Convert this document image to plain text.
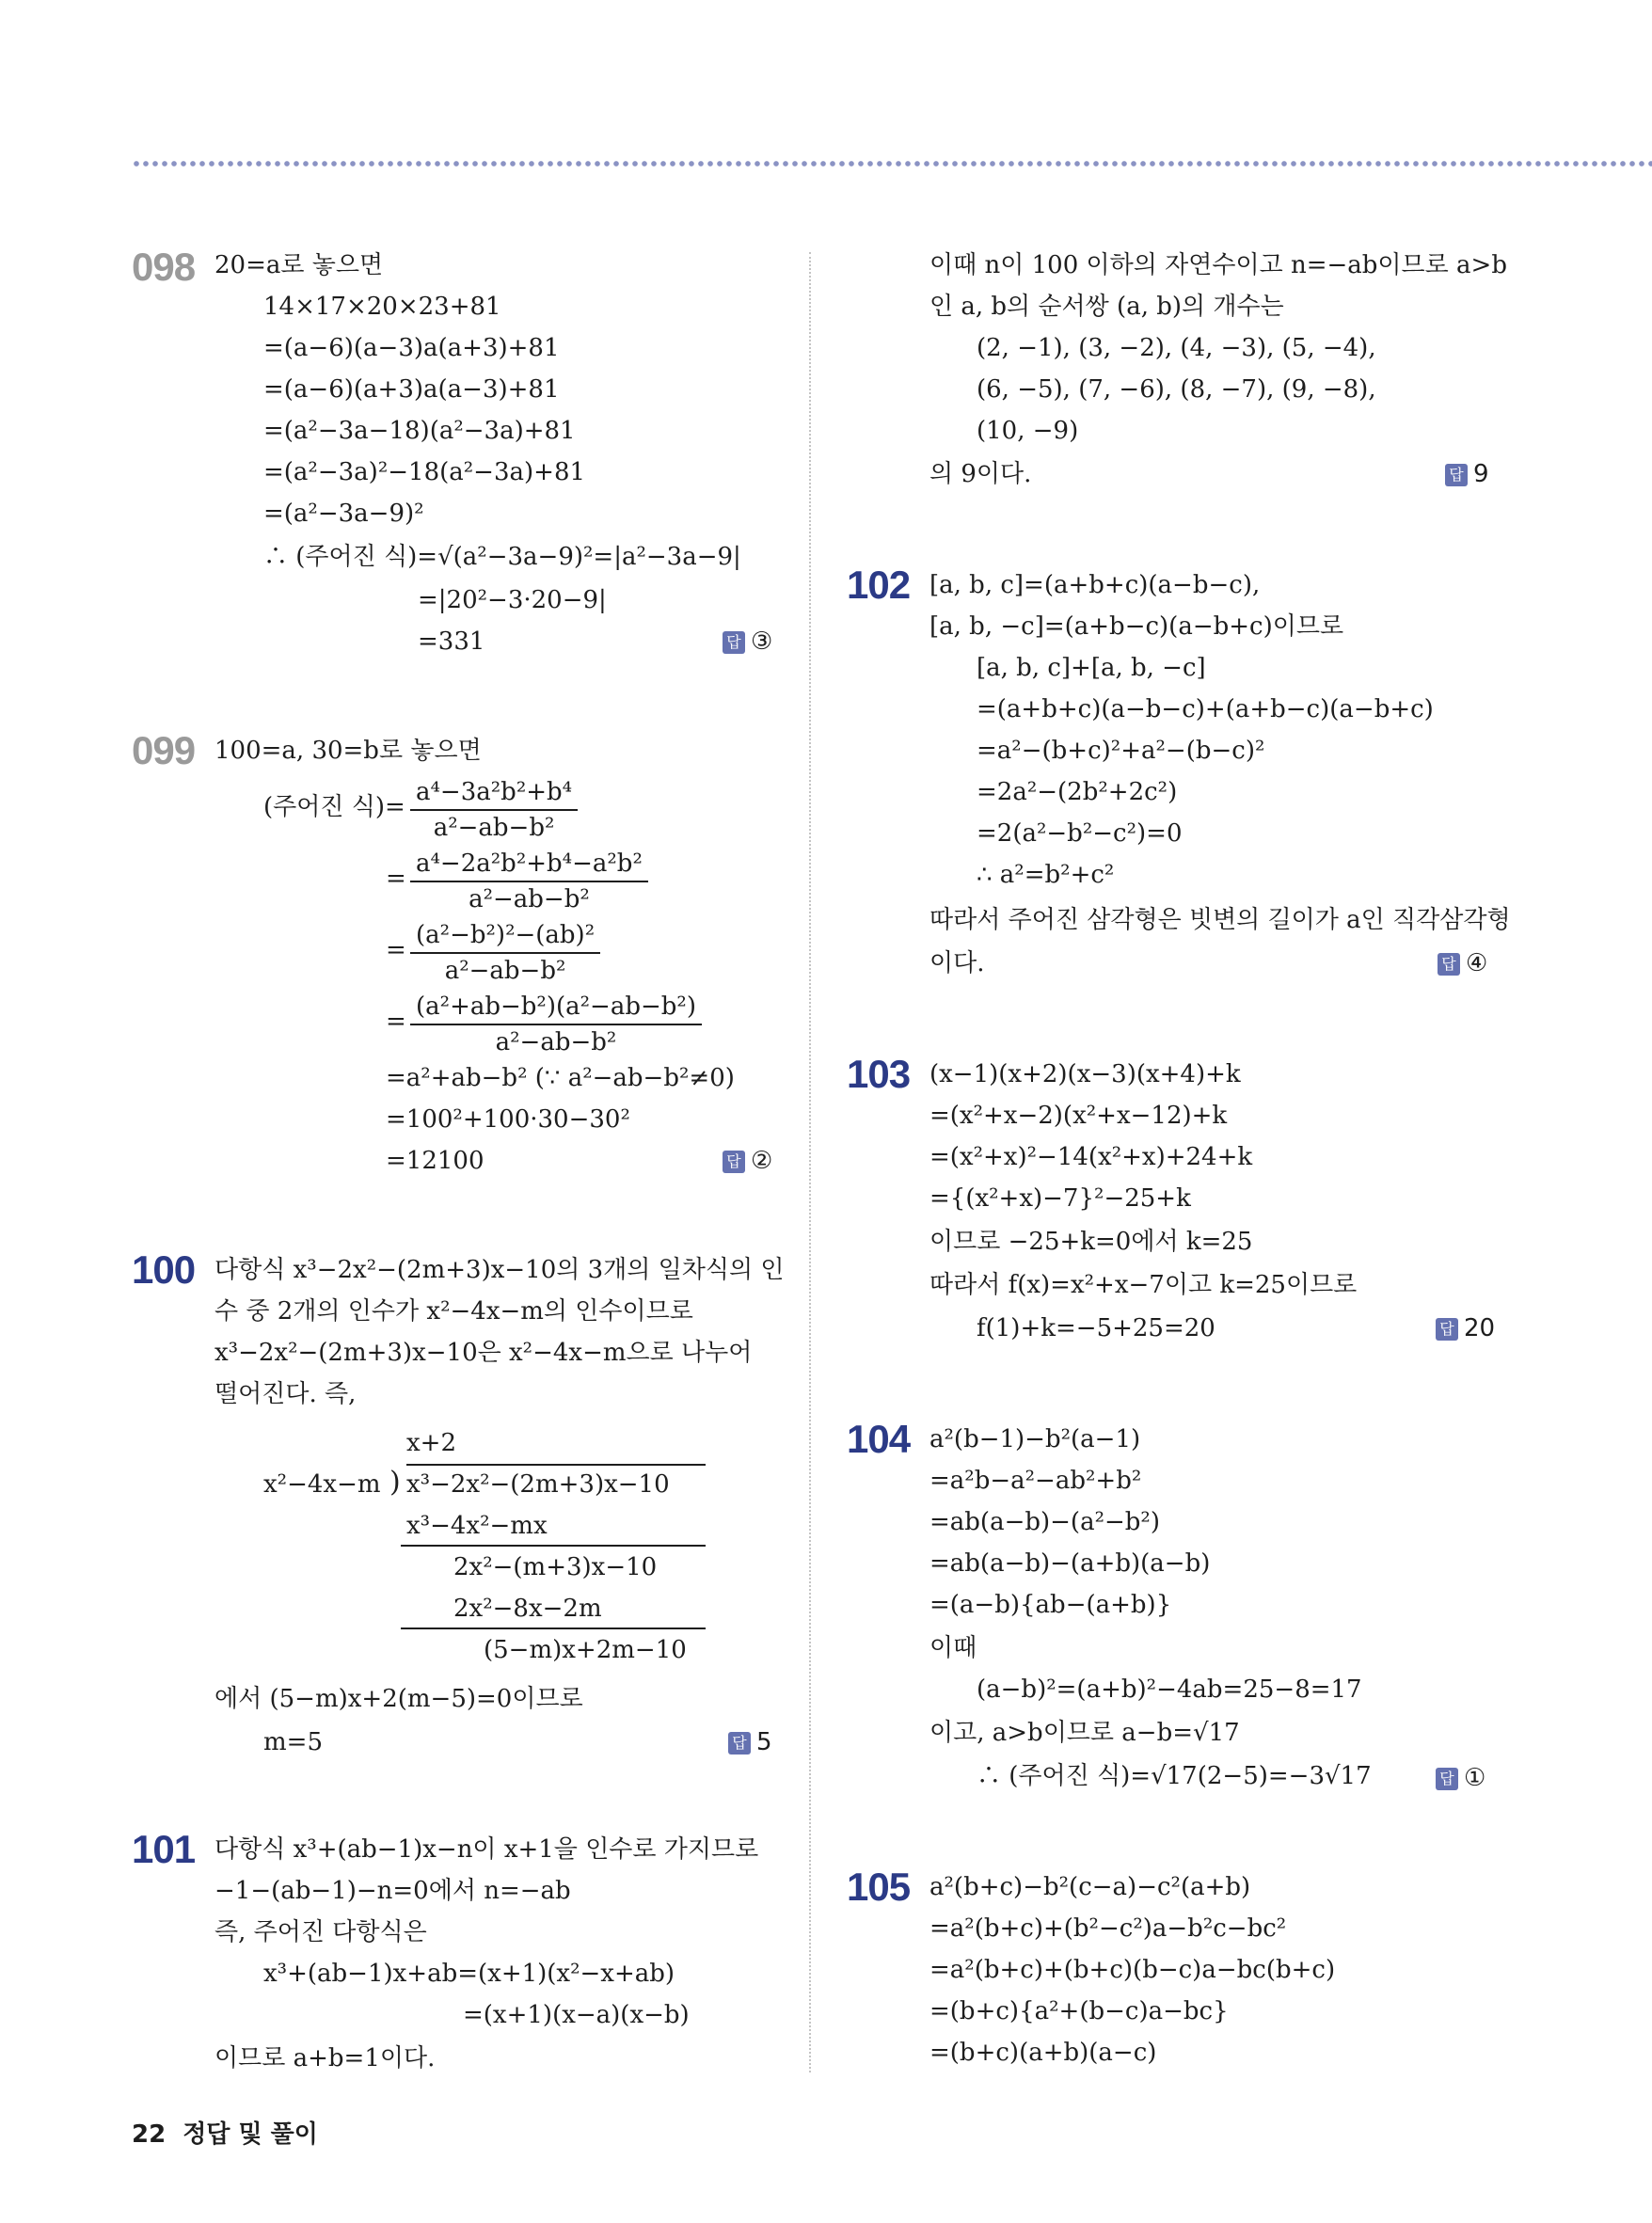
098 20=a로 놓으면
14×17×20×23+81
=(a−6)(a−3)a(a+3)+81
=(a−6)(a+3)a(a−3)+81
=(a²−3a−18)(a²−3a)+81
=(a²−3a)²−18(a²−3a)+81
=(a²−3a−9)²
∴ (주어진 식)=√(a²−3a−9)²=|a²−3a−9|
=|20²−3·20−9|
=331	답 ③
099 100=a, 30=b로 놓으면
(주어진 식)= $\frac{\text{a⁴−3a²b²+b⁴}}{\text{a²−ab−b²}}$
= $\frac{\text{a⁴−2a²b²+b⁴−a²b²}}{\text{a²−ab−b²}}$
= $\frac{\text{(a²−b²)²−(ab)²}}{\text{a²−ab−b²}}$
= $\frac{\text{(a²+ab−b²)(a²−ab−b²)}}{\text{a²−ab−b²}}$
=a²+ab−b² (∵ a²−ab−b²≠0)
=100²+100·30−30²
=12100	답 ②
100 다항식 x³−2x²−(2m+3)x−10의 3개의 일차식의 인
수 중 2개의 인수가 x²−4x−m의 인수이므로
x³−2x²−(2m+3)x−10은 x²−4x−m으로 나누어
떨어진다. 즉,
x+2
x²−4x−m ) x³−2x²−(2m+3)x−10
x³−4x²−mx
2x²−(m+3)x−10
2x²−8x−2m
(5−m)x+2m−10
에서 (5−m)x+2(m−5)=0이므로
m=5	답 5
101 다항식 x³+(ab−1)x−n이 x+1을 인수로 가지므로
−1−(ab−1)−n=0에서 n=−ab
즉, 주어진 다항식은
x³+(ab−1)x+ab=(x+1)(x²−x+ab)
=(x+1)(x−a)(x−b)
이므로 a+b=1이다.
이때 n이 100 이하의 자연수이고 n=−ab이므로 a>b
인 a, b의 순서쌍 (a, b)의 개수는
(2, −1), (3, −2), (4, −3), (5, −4),
(6, −5), (7, −6), (8, −7), (9, −8),
(10, −9)
의 9이다.	답 9
102 [a, b, c]=(a+b+c)(a−b−c),
[a, b, −c]=(a+b−c)(a−b+c)이므로
[a, b, c]+[a, b, −c]
=(a+b+c)(a−b−c)+(a+b−c)(a−b+c)
=a²−(b+c)²+a²−(b−c)²
=2a²−(2b²+2c²)
=2(a²−b²−c²)=0
∴ a²=b²+c²
따라서 주어진 삼각형은 빗변의 길이가 a인 직각삼각형
이다.	답 ④
103 (x−1)(x+2)(x−3)(x+4)+k
=(x²+x−2)(x²+x−12)+k
=(x²+x)²−14(x²+x)+24+k
={(x²+x)−7}²−25+k
이므로 −25+k=0에서 k=25
따라서 f(x)=x²+x−7이고 k=25이므로
f(1)+k=−5+25=20	답 20
104 a²(b−1)−b²(a−1)
=a²b−a²−ab²+b²
=ab(a−b)−(a²−b²)
=ab(a−b)−(a+b)(a−b)
=(a−b){ab−(a+b)}
이때
(a−b)²=(a+b)²−4ab=25−8=17
이고, a>b이므로 a−b=√17
∴ (주어진 식)=√17(2−5)=−3√17	답 ①
105 a²(b+c)−b²(c−a)−c²(a+b)
=a²(b+c)+(b²−c²)a−b²c−bc²
=a²(b+c)+(b+c)(b−c)a−bc(b+c)
=(b+c){a²+(b−c)a−bc}
=(b+c)(a+b)(a−c)
22 정답 및 풀이
